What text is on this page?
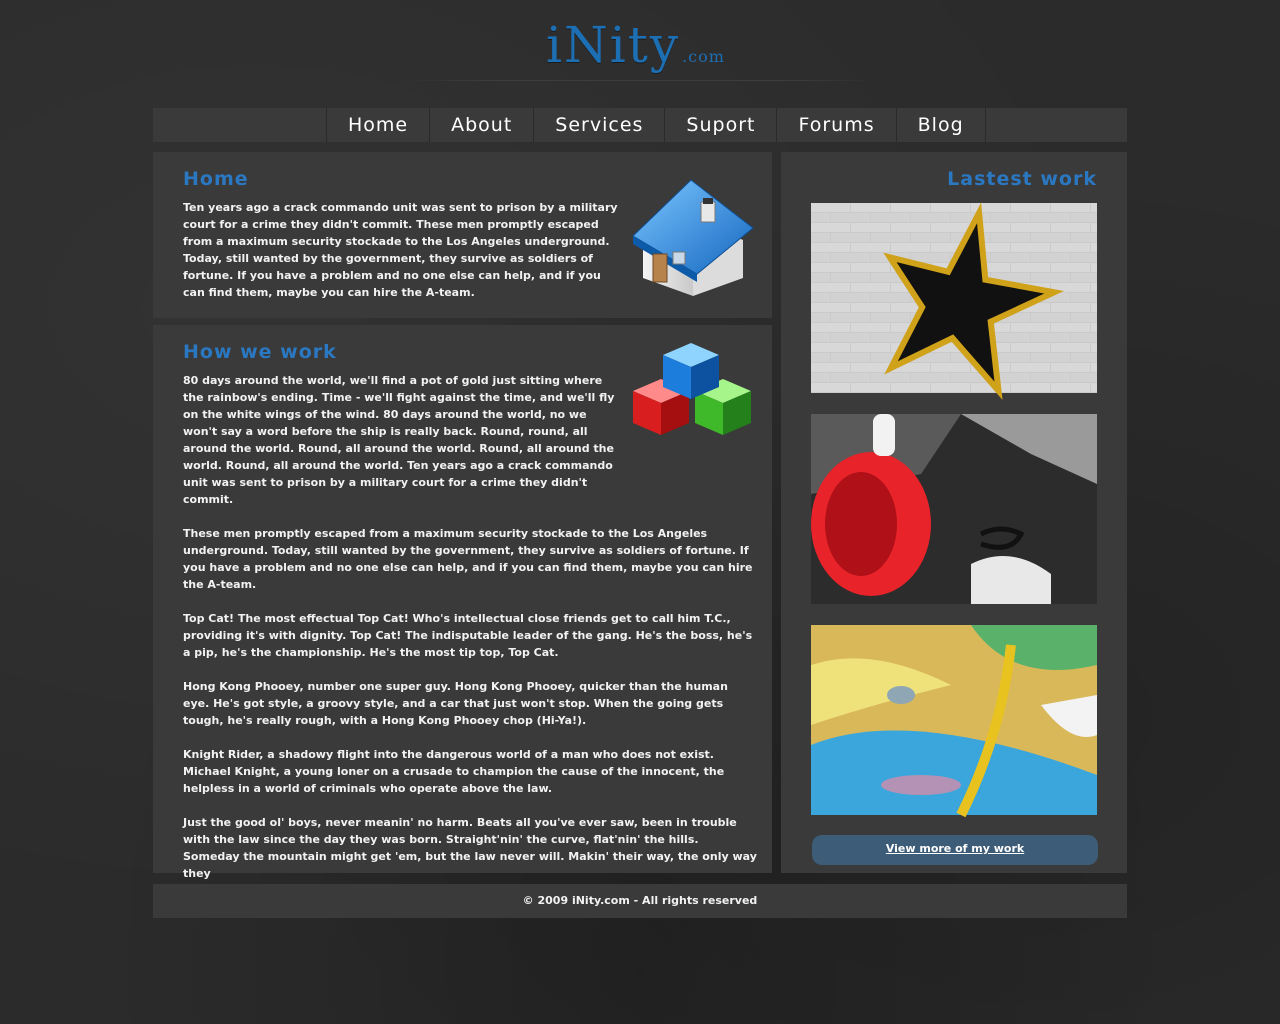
iNity .com
Home	About	Services	Suport	Forums	Blog
Home
Ten years ago a crack commando unit was sent to prison by a military court for a crime they didn't commit. These men promptly escaped from a maximum security stockade to the Los Angeles underground. Today, still wanted by the government, they survive as soldiers of fortune. If you have a problem and no one else can help, and if you can find them, maybe you can hire the A-team.
How we work

80 days around the world, we'll find a pot of gold just sitting where the rainbow's ending. Time - we'll fight against the time, and we'll fly on the white wings of the wind. 80 days around the world, no we won't say a word before the ship is really back. Round, round, all around the world. Round, all around the world. Round, all around the world. Round, all around the world. Ten years ago a crack commando unit was sent to prison by a military court for a crime they didn't commit.

These men promptly escaped from a maximum security stockade to the Los Angeles underground. Today, still wanted by the government, they survive as soldiers of fortune. If you have a problem and no one else can help, and if you can find them, maybe you can hire the A-team.

Top Cat! The most effectual Top Cat! Who's intellectual close friends get to call him T.C., providing it's with dignity. Top Cat! The indisputable leader of the gang. He's the boss, he's a pip, he's the championship. He's the most tip top, Top Cat.

Hong Kong Phooey, number one super guy. Hong Kong Phooey, quicker than the human eye. He's got style, a groovy style, and a car that just won't stop. When the going gets tough, he's really rough, with a Hong Kong Phooey chop (Hi-Ya!).

Knight Rider, a shadowy flight into the dangerous world of a man who does not exist. Michael Knight, a young loner on a crusade to champion the cause of the innocent, the helpless in a world of criminals who operate above the law.

Just the good ol' boys, never meanin' no harm. Beats all you've ever saw, been in trouble with the law since the day they was born. Straight'nin' the curve, flat'nin' the hills. Someday the mountain might get 'em, but the law never will. Makin' their way, the only way they

Lastest work
View more of my work
© 2009 iNity.com - All rights reserved
